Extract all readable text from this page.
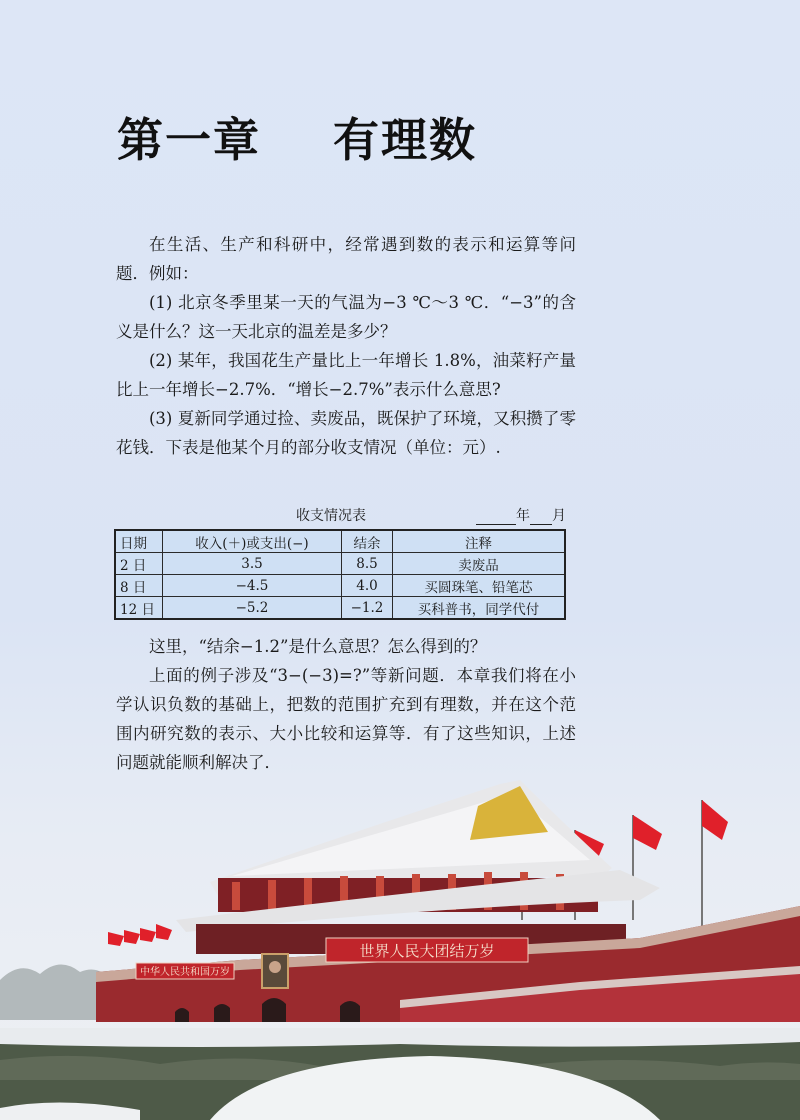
第一章    有理数

在生活、生产和科研中，经常遇到数的表示和运算等问题．例如：

(1) 北京冬季里某一天的气温为−3 ℃～3 ℃．“−3”的含义是什么？这一天北京的温差是多少？

(2) 某年，我国花生产量比上一年增长 1.8%，油菜籽产量比上一年增长−2.7%．“增长−2.7%”表示什么意思?

(3) 夏新同学通过捡、卖废品，既保护了环境，又积攒了零花钱．下表是他某个月的部分收支情况（单位：元）.

收支情况表	年 月
日期	收入(＋)或支出(−)	结余	注释
2 日	3.5	8.5	卖废品
8 日	−4.5	4.0	买圆珠笔、铅笔芯
12 日	−5.2	−1.2	买科普书，同学代付

这里，“结余−1.2”是什么意思？怎么得到的？

上面的例子涉及“3−(−3)=?”等新问题．本章我们将在小学认识负数的基础上，把数的范围扩充到有理数，并在这个范围内研究数的表示、大小比较和运算等．有了这些知识，上述问题就能顺利解决了．

中华人民共和国万岁
世界人民大团结万岁
